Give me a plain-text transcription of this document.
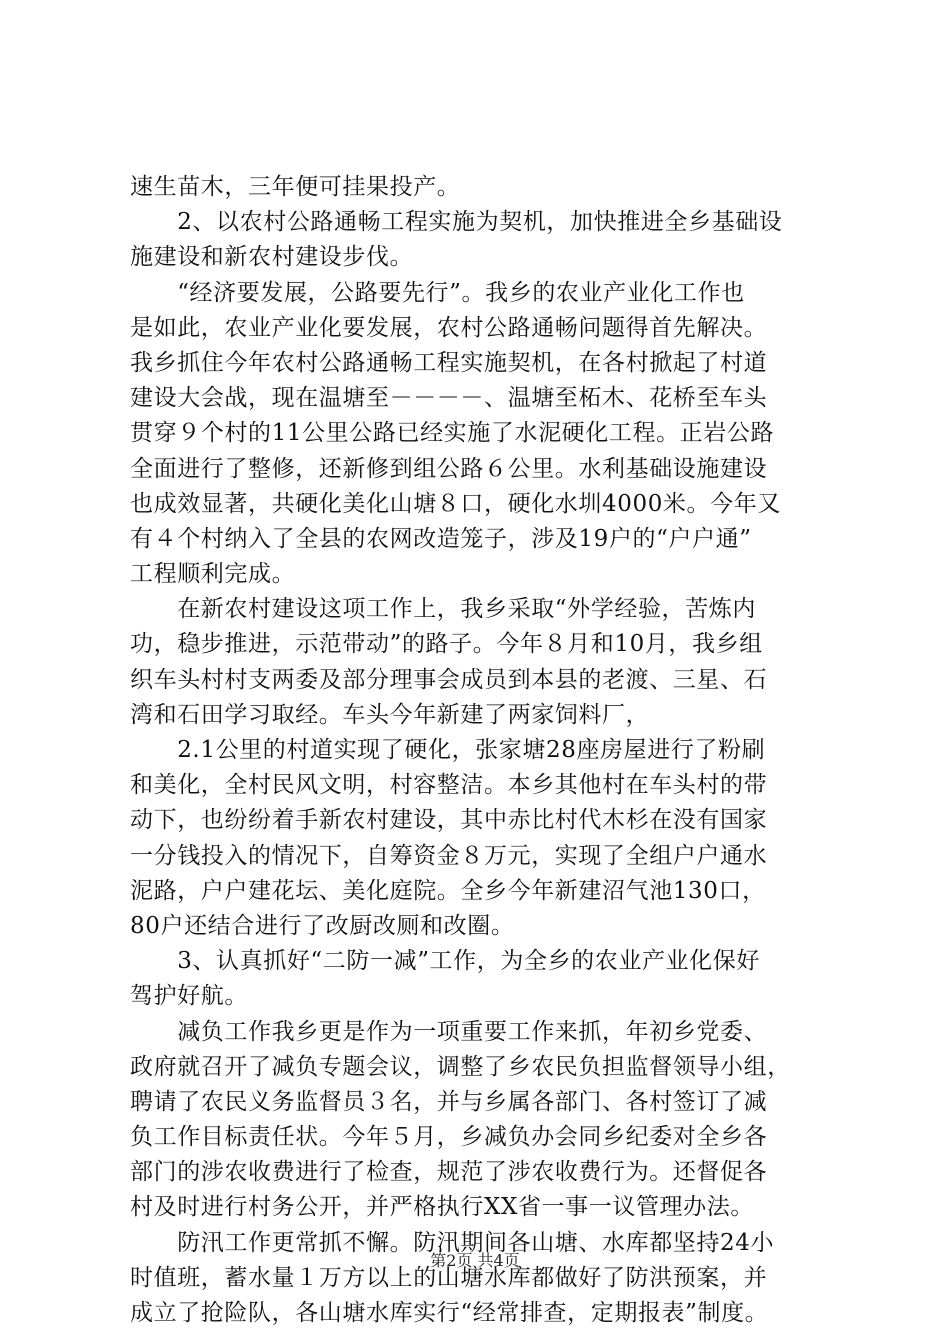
速生苗木，三年便可挂果投产。
　　2、以农村公路通畅工程实施为契机，加快推进全乡基础设
施建设和新农村建设步伐。
　　“经济要发展，公路要先行”。我乡的农业产业化工作也
是如此，农业产业化要发展，农村公路通畅问题得首先解决。
我乡抓住今年农村公路通畅工程实施契机，在各村掀起了村道
建设大会战，现在温塘至－－－－、温塘至柘木、花桥至车头
贯穿９个村的11公里公路已经实施了水泥硬化工程。正岩公路
全面进行了整修，还新修到组公路６公里。水利基础设施建设
也成效显著，共硬化美化山塘８口，硬化水圳4000米。今年又
有４个村纳入了全县的农网改造笼子，涉及19户的“户户通”
工程顺利完成。
　　在新农村建设这项工作上，我乡采取“外学经验，苦炼内
功，稳步推进，示范带动”的路子。今年８月和10月，我乡组
织车头村村支两委及部分理事会成员到本县的老渡、三星、石
湾和石田学习取经。车头今年新建了两家饲料厂，
　　2.1公里的村道实现了硬化，张家塘28座房屋进行了粉刷
和美化，全村民风文明，村容整洁。本乡其他村在车头村的带
动下，也纷纷着手新农村建设，其中赤比村代木杉在没有国家
一分钱投入的情况下，自筹资金８万元，实现了全组户户通水
泥路，户户建花坛、美化庭院。全乡今年新建沼气池130口，
80户还结合进行了改厨改厕和改圈。
　　3、认真抓好“二防一减”工作，为全乡的农业产业化保好
驾护好航。
　　减负工作我乡更是作为一项重要工作来抓，年初乡党委、
政府就召开了减负专题会议，调整了乡农民负担监督领导小组，
聘请了农民义务监督员３名，并与乡属各部门、各村签订了减
负工作目标责任状。今年５月，乡减负办会同乡纪委对全乡各
部门的涉农收费进行了检查，规范了涉农收费行为。还督促各
村及时进行村务公开，并严格执行XX省一事一议管理办法。
　　防汛工作更常抓不懈。防汛期间各山塘、水库都坚持24小
时值班，蓄水量１万方以上的山塘水库都做好了防洪预案，并
成立了抢险队，各山塘水库实行“经常排查，定期报表”制度。
第2页 共4页
